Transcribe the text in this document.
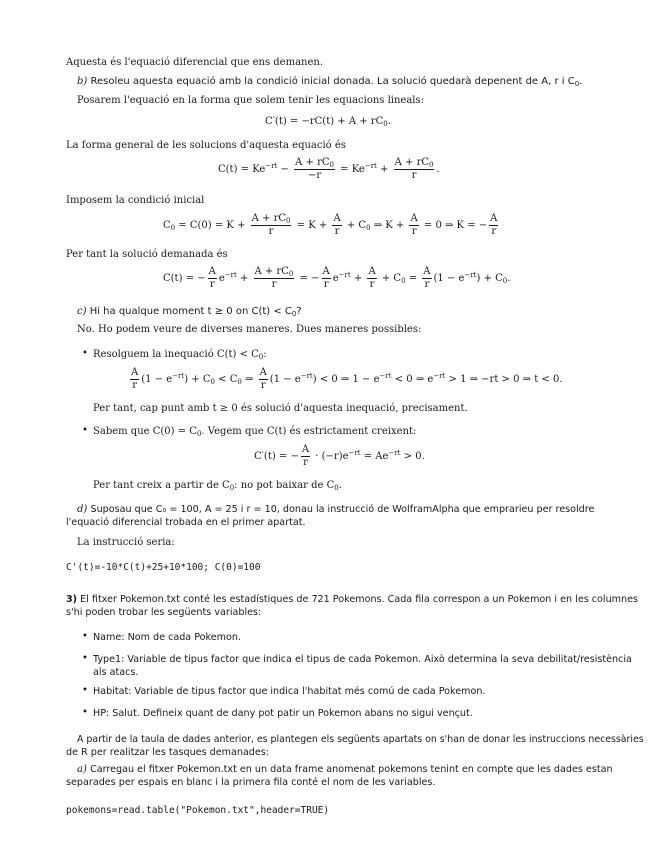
Aquesta és l'equació diferencial que ens demanen.
b) Resoleu aquesta equació amb la condició inicial donada. La solució quedarà depenent de A, r i $C_0$.
Posarem l'equació en la forma que solem tenir les equacions lineals:
$C'(t) = -rC(t) + A + rC_0$.
La forma general de les solucions d'aquesta equació és
$C(t) = Ke^{-rt} - \frac{A + rC_0}{-r} = Ke^{-rt} + \frac{A + rC_0}{r}$ .
Imposem la condició inicial
$C_0 = C(0) = K + \frac{A + rC_0}{r} = K + \frac{A}{r} + C_0$ ⇒ $K + \frac{A}{r} = 0$ ⇒ K = − $\frac{A}{r}$
Per tant la solució demanada és
C(t) = − $\frac{A}{r} e^{-rt} + \frac{A + rC_0}{r}$ = − $\frac{A}{r} e^{-rt} + \frac{A}{r} + C_0 = \frac{A}{r} (1 - e^{-rt}) + C_0$.
c) Hi ha qualque moment t ≥ 0 on $C(t) < C_0$?
No. Ho podem veure de diverses maneres. Dues maneres possibles:
• Resolguem la inequació $C(t) < C_0$:
$\frac{A}{r} (1 - e^{-rt}) + C_0 < C_0$ ⇒ $\frac{A}{r} (1 - e^{-rt}) < 0$ ⇒ $1 - e^{-rt} < 0$ ⇒ $e^{-rt} > 1$ ⇒ −rt > 0 ⇒ t < 0.
Per tant, cap punt amb t ≥ 0 és solució d'aquesta inequació, precisament.
• Sabem que $C(0) = C_0$. Vegem que C(t) és estrictament creixent:
C′(t) = − $\frac{A}{r} \cdot (-r)e^{-rt} = Ae^{-rt} > 0$.
Per tant creix a partir de $C_0$: no pot baixar de $C_0$.
d) Suposau que C₀ = 100, A = 25 i r = 10, donau la instrucció de WolframAlpha que emprarieu per resoldre
l'equació diferencial trobada en el primer apartat.
La instrucció seria:
C'(t)=-10*C(t)+25+10*100; C(0)=100
3) El fitxer Pokemon.txt conté les estadístiques de 721 Pokemons. Cada fila correspon a un Pokemon i en les columnes
s'hi poden trobar les següents variables:
• Name: Nom de cada Pokemon.
• Type1: Variable de tipus factor que indica el tipus de cada Pokemon. Això determina la seva debilitat/resistència
als atacs.
• Habitat: Variable de tipus factor que indica l'habitat més comú de cada Pokemon.
• HP: Salut. Defineix quant de dany pot patir un Pokemon abans no sigui vençut.
A partir de la taula de dades anterior, es plantegen els següents apartats on s'han de donar les instruccions necessàries
de R per realitzar les tasques demanades:
a) Carregau el fitxer Pokemon.txt en un data frame anomenat pokemons tenint en compte que les dades estan
separades per espais en blanc i la primera fila conté el nom de les variables.
pokemons=read.table("Pokemon.txt",header=TRUE)
